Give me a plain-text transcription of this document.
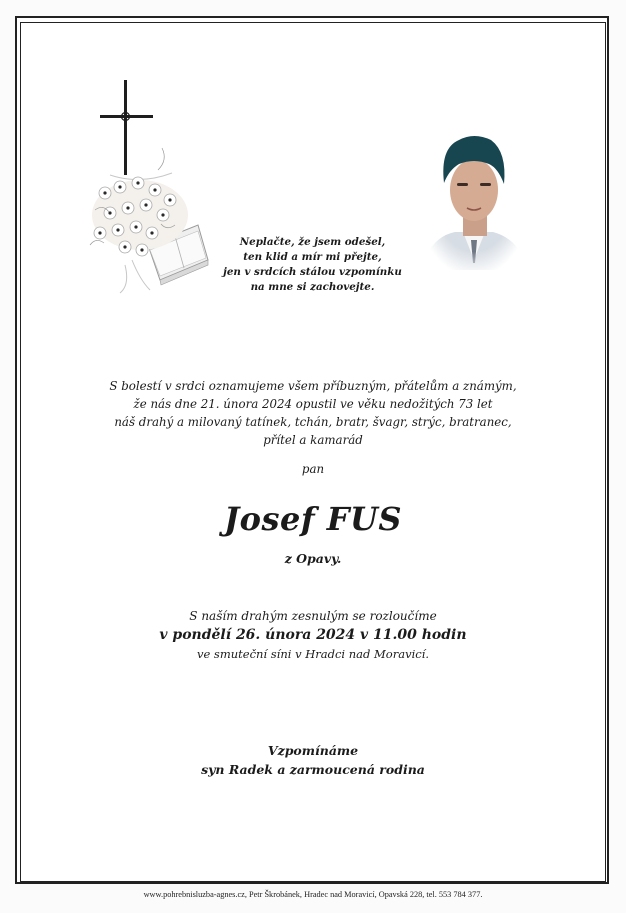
Neplačte, že jsem odešel,
ten klid a mír mi přejte,
jen v srdcích stálou vzpomínku
na mne si zachovejte.
S bolestí v srdci oznamujeme všem příbuzným, přátelům a známým,
že nás dne 21. února 2024 opustil ve věku nedožitých 73 let
náš drahý a milovaný tatínek, tchán, bratr, švagr, strýc, bratranec,
přítel a kamarád
pan
Josef FUS
z Opavy.
S naším drahým zesnulým se rozloučíme
v pondělí 26. února 2024 v 11.00 hodin
ve smuteční síni v Hradci nad Moravicí.
Vzpomínáme
syn Radek a zarmoucená rodina
www.pohrebnisluzba-agnes.cz, Petr Škrobánek, Hradec nad Moravicí, Opavská 228, tel. 553 784 377.
